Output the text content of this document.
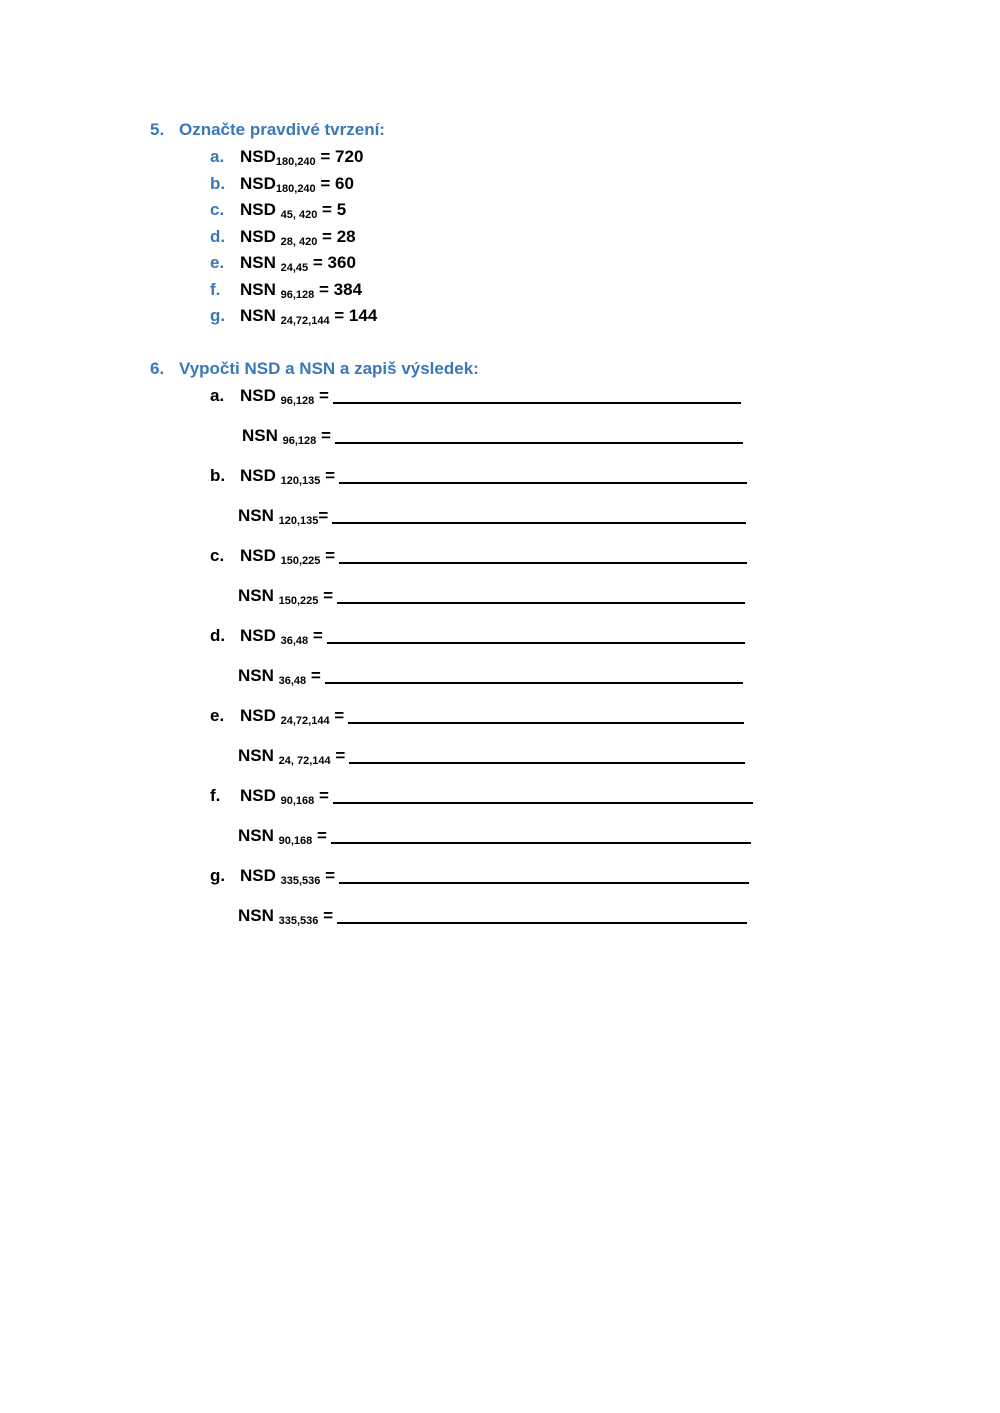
5. Označte pravdivé tvrzení:
a. $NSD_{180,240} = 720$
b. $NSD_{180,240} = 60$
c. NSD $_{45, 420}$ = 5
d. NSD $_{28, 420}$ = 28
e. NSN $_{24,45}$ = 360
f. NSN $_{96,128}$ = 384
g. NSN $_{24,72,144}$ = 144
6. Vypočti NSD a NSN a zapiš výsledek:
a. NSD $_{96,128}$ =
NSN $_{96,128}$ =
b. NSD $_{120,135}$ =
NSN $_{120,135}$=
c. NSD $_{150,225}$ =
NSN $_{150,225}$ =
d. NSD $_{36,48}$ =
NSN $_{36,48}$ =
e. NSD $_{24,72,144}$ =
NSN $_{24, 72,144}$ =
f. NSD $_{90,168}$ =
NSN $_{90,168}$ =
g. NSD $_{335,536}$ =
NSN $_{335,536}$ =
